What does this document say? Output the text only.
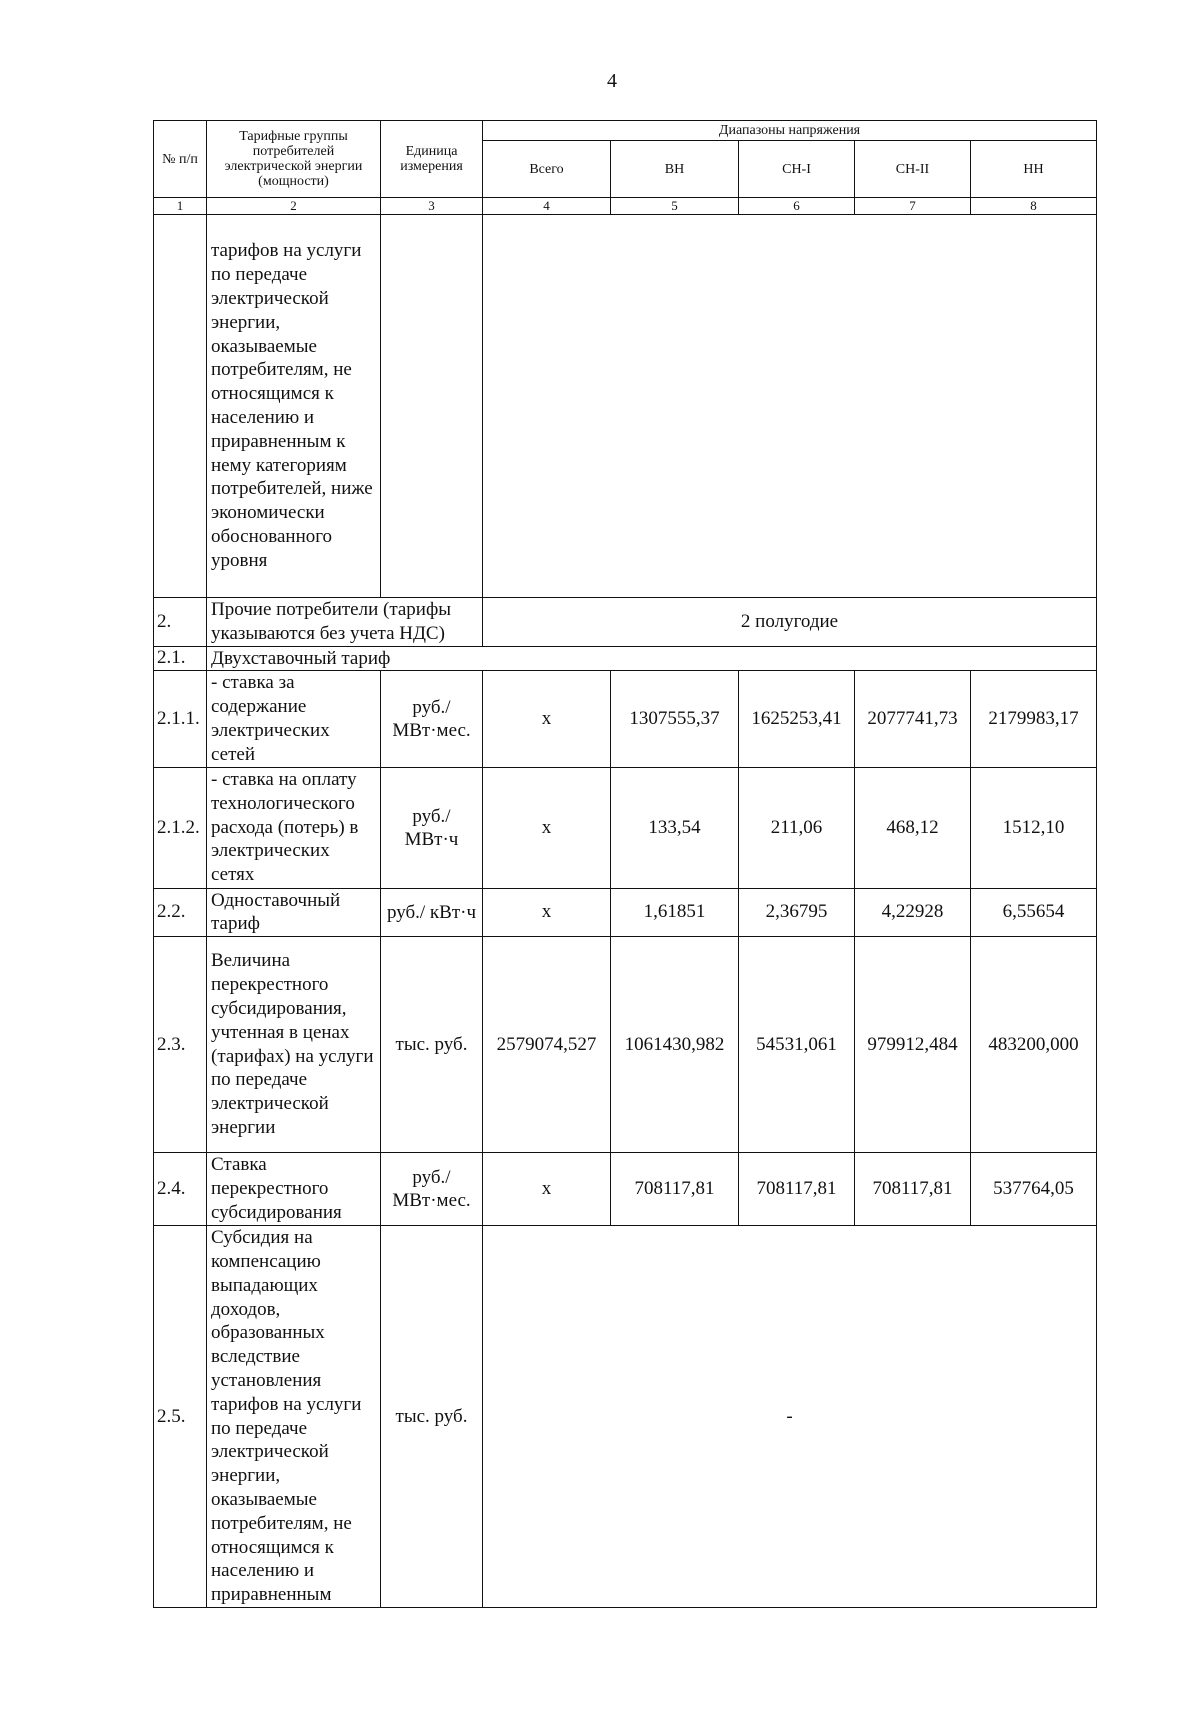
4
№ п/п	Тарифные группы потребителей электрической энергии (мощности)	Единица измерения	Диапазоны напряжения				
			Всего	ВН	СН-I	СН-II	НН
1	2	3	4	5	6	7	8
	тарифов на услуги по передаче электрической энергии, оказываемые потребителям, не относящимся к населению и приравненным к нему категориям потребителей, ниже экономически обоснованного уровня						
2.	Прочие потребители (тарифы указываются без учета НДС)		2 полугодие				
2.1.	Двухставочный тариф						
2.1.1.	- ставка за содержание электрических сетей	руб./ МВт·мес.	x	1307555,37	1625253,41	2077741,73	2179983,17
2.1.2.	- ставка на оплату технологического расхода (потерь) в электрических сетях	руб./ МВт·ч	x	133,54	211,06	468,12	1512,10
2.2.	Одноставочный тариф	руб./ кВт·ч	x	1,61851	2,36795	4,22928	6,55654
2.3.	Величина перекрестного субсидирования, учтенная в ценах (тарифах) на услуги по передаче электрической энергии	тыс. руб.	2579074,527	1061430,982	54531,061	979912,484	483200,000
2.4.	Ставка перекрестного субсидирования	руб./ МВт·мес.	x	708117,81	708117,81	708117,81	537764,05
2.5.	Субсидия на компенсацию выпадающих доходов, образованных вследствие установления тарифов на услуги по передаче электрической энергии, оказываемые потребителям, не относящимся к населению и приравненным	тыс. руб.	-				
